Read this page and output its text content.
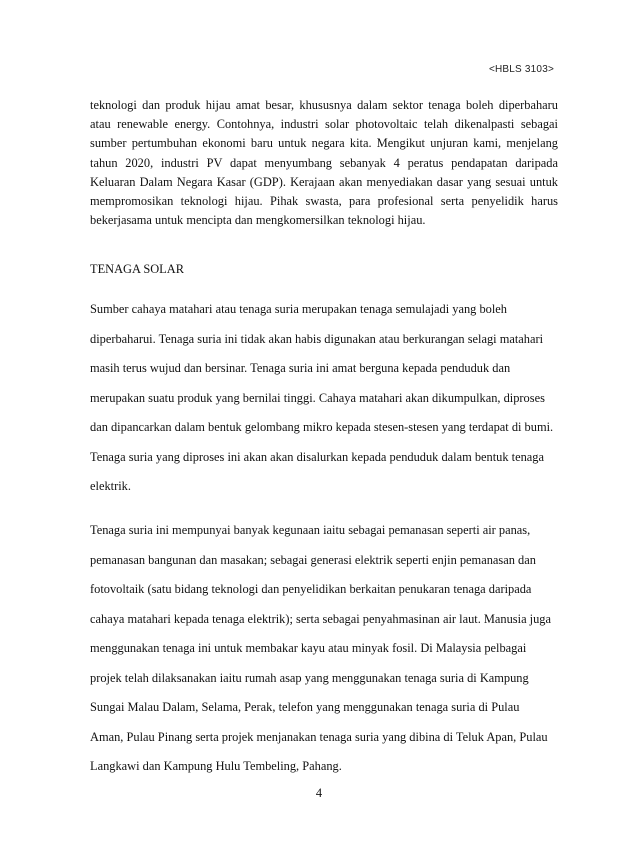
<HBLS 3103>
teknologi dan produk hijau amat besar, khususnya dalam sektor tenaga boleh diperbaharu
atau renewable energy. Contohnya, industri solar photovoltaic telah dikenalpasti sebagai
sumber pertumbuhan ekonomi baru untuk negara kita. Mengikut unjuran kami, menjelang
tahun 2020, industri PV dapat menyumbang sebanyak 4 peratus pendapatan daripada
Keluaran Dalam Negara Kasar (GDP). Kerajaan akan menyediakan dasar yang sesuai untuk
mempromosikan teknologi hijau. Pihak swasta, para profesional serta penyelidik harus
bekerjasama untuk mencipta dan mengkomersilkan teknologi hijau.
TENAGA SOLAR
Sumber cahaya matahari atau tenaga suria merupakan tenaga semulajadi yang boleh
diperbaharui. Tenaga suria ini tidak akan habis digunakan atau berkurangan selagi matahari
masih terus wujud dan bersinar. Tenaga suria ini amat berguna kepada penduduk dan
merupakan suatu produk yang bernilai tinggi. Cahaya matahari akan dikumpulkan, diproses
dan dipancarkan dalam bentuk gelombang mikro kepada stesen-stesen yang terdapat di bumi.
Tenaga suria yang diproses ini akan akan disalurkan kepada penduduk dalam bentuk tenaga
elektrik.
Tenaga suria ini mempunyai banyak kegunaan iaitu sebagai pemanasan seperti air panas,
pemanasan bangunan dan masakan; sebagai generasi elektrik seperti enjin pemanasan dan
fotovoltaik (satu bidang teknologi dan penyelidikan berkaitan penukaran tenaga daripada
cahaya matahari kepada tenaga elektrik); serta sebagai penyahmasinan air laut. Manusia juga
menggunakan tenaga ini untuk membakar kayu atau minyak fosil. Di Malaysia pelbagai
projek telah dilaksanakan iaitu rumah asap yang menggunakan tenaga suria di Kampung
Sungai Malau Dalam, Selama, Perak, telefon yang menggunakan tenaga suria di Pulau
Aman, Pulau Pinang serta projek menjanakan tenaga suria yang dibina di Teluk Apan, Pulau
Langkawi dan Kampung Hulu Tembeling, Pahang.
4
